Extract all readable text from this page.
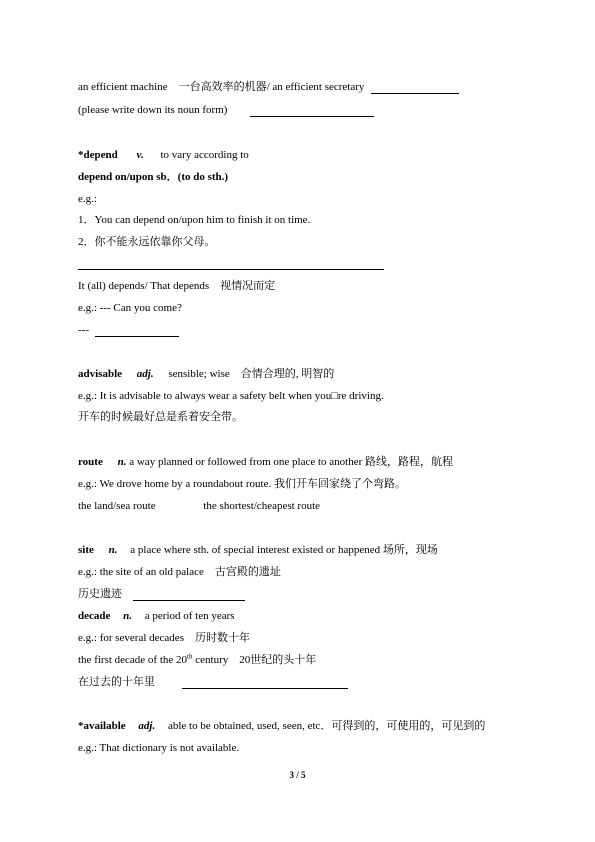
an efficient machine　一台高效率的机器/ an efficient secretary
(please write down its noun form)
*depend v. to vary according to
depend on/upon sb．(to do sth.)
e.g.:
1．You can depend on/upon him to finish it on time.
2．你不能永远依靠你父母。
It (all) depends/ That depends　视情况而定
e.g.: --- Can you come?
---
advisable adj. sensible; wise　合情合理的, 明智的
e.g.: It is advisable to always wear a safety belt when you□re driving.
开车的时候最好总是系着安全带。
route n. a way planned or followed from one place to another 路线，路程，航程
e.g.: We drove home by a roundabout route. 我们开车回家绕了个弯路。
the land/sea route	the shortest/cheapest route
site n. a place where sth. of special interest existed or happened 场所，现场
e.g.: the site of an old palace　古宫殿的遗址
历史遗迹
decade n. a period of ten years
e.g.: for several decades　历时数十年
the first decade of the 20th century　20世纪的头十年
在过去的十年里
*available adj. able to be obtained, used, seen, etc．可得到的，可使用的，可见到的
e.g.: That dictionary is not available.
3 / 5
